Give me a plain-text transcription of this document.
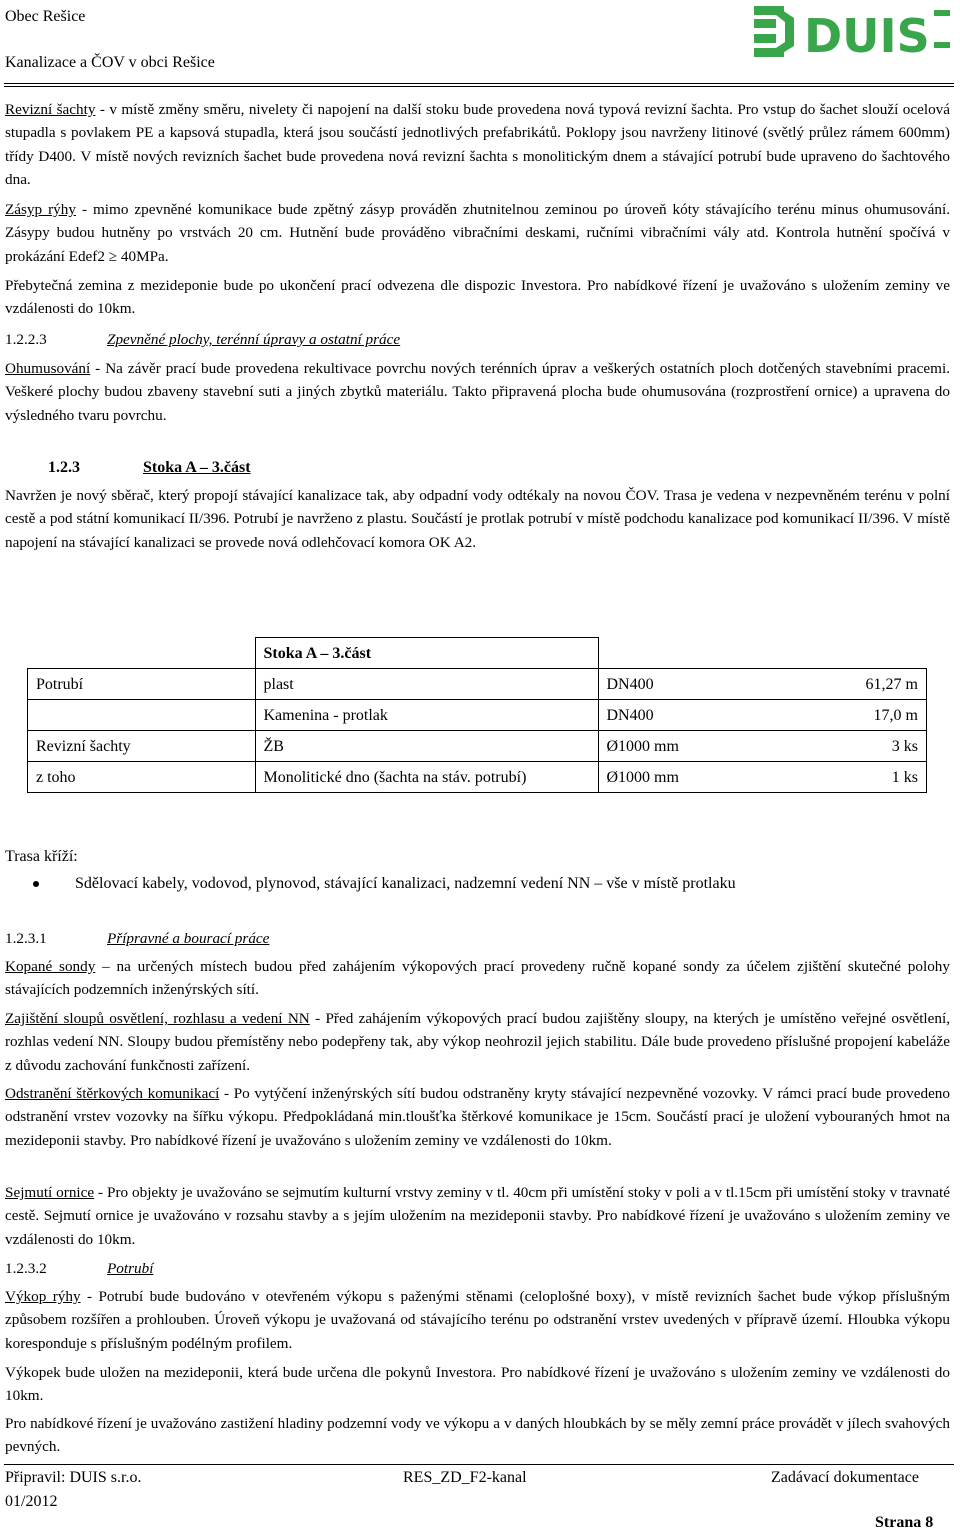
Obec Rešice
Kanalizace a ČOV v obci Rešice	DUIS

Revizní šachty - v místě změny směru, nivelety či napojení na další stoku bude provedena nová typová revizní šachta. Pro vstup do šachet slouží ocelová stupadla s povlakem PE a kapsová stupadla, která jsou součástí jednotlivých prefabrikátů. Poklopy jsou navrženy litinové (světlý průlez rámem 600mm) třídy D400. V místě nových revizních šachet bude provedena nová revizní šachta s monolitickým dnem a stávající potrubí bude upraveno do šachtového dna.

Zásyp rýhy - mimo zpevněné komunikace bude zpětný zásyp prováděn zhutnitelnou zeminou po úroveň kóty stávajícího terénu minus ohumusování. Zásypy budou hutněny po vrstvách 20 cm. Hutnění bude prováděno vibračními deskami, ručními vibračními vály atd. Kontrola hutnění spočívá v prokázání Edef2 ≥ 40MPa.

Přebytečná zemina z mezideponie bude po ukončení prací odvezena dle dispozic Investora. Pro nabídkové řízení je uvažováno s uložením zeminy ve vzdálenosti do 10km.

1.2.2.3	Zpevněné plochy, terénní úpravy a ostatní práce

Ohumusování - Na závěr prací bude provedena rekultivace povrchu nových terénních úprav a veškerých ostatních ploch dotčených stavebními pracemi. Veškeré plochy budou zbaveny stavební suti a jiných zbytků materiálu. Takto připravená plocha bude ohumusována (rozprostření ornice) a upravena do výsledného tvaru povrchu.

1.2.3	Stoka A – 3.část

Navržen je nový sběrač, který propojí stávající kanalizace tak, aby odpadní vody odtékaly na novou ČOV. Trasa je vedena v nezpevněném terénu v polní cestě a pod státní komunikací II/396. Potrubí je navrženo z plastu. Součástí je protlak potrubí v místě podchodu kanalizace pod komunikací II/396. V místě napojení na stávající kanalizaci se provede nová odlehčovací komora OK A2.

	Stoka A – 3.část		
Potrubí	plast	DN400	61,27 m
	Kamenina - protlak	DN400	17,0 m
Revizní šachty	ŽB	Ø1000 mm	3 ks
z toho	Monolitické dno (šachta na stáv. potrubí)	Ø1000 mm	1 ks
Trasa kříží:
Sdělovací kabely, vodovod, plynovod, stávající kanalizaci, nadzemní vedení NN – vše v místě protlaku
1.2.3.1	Přípravné a bourací práce

Kopané sondy – na určených místech budou před zahájením výkopových prací provedeny ručně kopané sondy za účelem zjištění skutečné polohy stávajících podzemních inženýrských sítí.

Zajištění sloupů osvětlení, rozhlasu a vedení NN - Před zahájením výkopových prací budou zajištěny sloupy, na kterých je umístěno veřejné osvětlení, rozhlas vedení NN. Sloupy budou přemístěny nebo podepřeny tak, aby výkop neohrozil jejich stabilitu. Dále bude provedeno příslušné propojení kabeláže z důvodu zachování funkčnosti zařízení.

Odstranění štěrkových komunikací - Po vytýčení inženýrských sítí budou odstraněny kryty stávající nezpevněné vozovky. V rámci prací bude provedeno odstranění vrstev vozovky na šířku výkopu. Předpokládaná min.tloušťka štěrkové komunikace je 15cm. Součástí prací je uložení vybouraných hmot na mezideponii stavby. Pro nabídkové řízení je uvažováno s uložením zeminy ve vzdálenosti do 10km.

Sejmutí ornice - Pro objekty je uvažováno se sejmutím kulturní vrstvy zeminy v tl. 40cm při umístění stoky v poli a v tl.15cm při umístění stoky v travnaté cestě. Sejmutí ornice je uvažováno v rozsahu stavby a s jejím uložením na mezideponii stavby. Pro nabídkové řízení je uvažováno s uložením zeminy ve vzdálenosti do 10km.

1.2.3.2	Potrubí

Výkop rýhy - Potrubí bude budováno v otevřeném výkopu s paženými stěnami (celoplošné boxy), v místě revizních šachet bude výkop příslušným způsobem rozšířen a prohlouben. Úroveň výkopu je uvažovaná od stávajícího terénu po odstranění vrstev uvedených v přípravě území. Hloubka výkopu koresponduje s příslušným podélným profilem.

Výkopek bude uložen na mezideponii, která bude určena dle pokynů Investora. Pro nabídkové řízení je uvažováno s uložením zeminy ve vzdálenosti do 10km.

Pro nabídkové řízení je uvažováno zastižení hladiny podzemní vody ve výkopu a v daných hloubkách by se měly zemní práce provádět v jílech svahových pevných.

Připravil: DUIS s.r.o.	RES_ZD_F2-kanal	Zadávací dokumentace
01/2012
Strana 8
